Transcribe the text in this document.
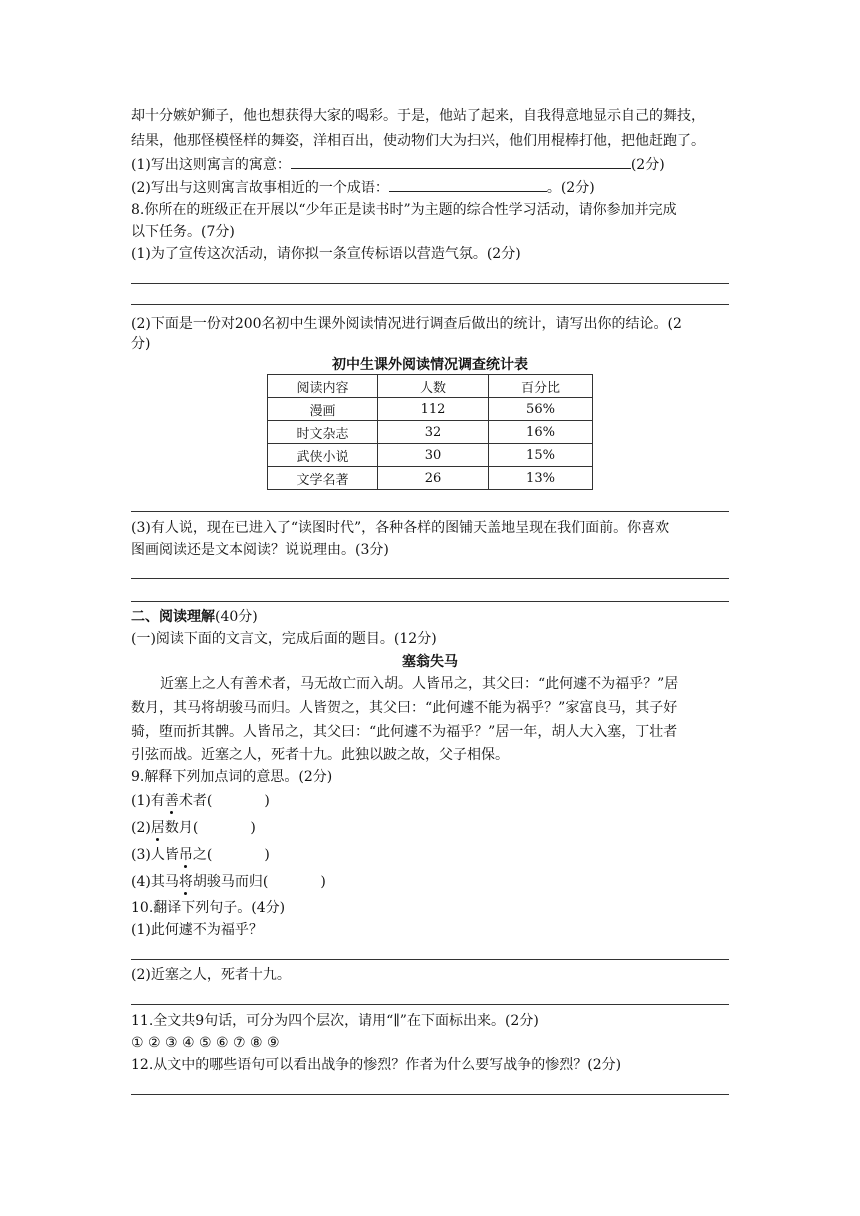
却十分嫉妒狮子，他也想获得大家的喝彩。于是，他站了起来，自我得意地显示自己的舞技，
结果，他那怪模怪样的舞姿，洋相百出，使动物们大为扫兴，他们用棍棒打他，把他赶跑了。
(1)写出这则寓言的寓意：	(2分)
(2)写出与这则寓言故事相近的一个成语：	。(2分)
8.你所在的班级正在开展以“少年正是读书时”为主题的综合性学习活动，请你参加并完成
以下任务。(7分)
(1)为了宣传这次活动，请你拟一条宣传标语以营造气氛。(2分)
(2)下面是一份对200名初中生课外阅读情况进行调查后做出的统计，请写出你的结论。(2
分)
初中生课外阅读情况调查统计表
阅读内容	人数	百分比
漫画	112	56%
时文杂志	32	16%
武侠小说	30	15%
文学名著	26	13%
(3)有人说，现在已进入了“读图时代”，各种各样的图铺天盖地呈现在我们面前。你喜欢
图画阅读还是文本阅读？说说理由。(3分)
二、阅读理解(40分)
(一)阅读下面的文言文，完成后面的题目。(12分)
塞翁失马
近塞上之人有善术者，马无故亡而入胡。人皆吊之，其父曰：“此何遽不为福乎？”居
数月，其马将胡骏马而归。人皆贺之，其父曰：“此何遽不能为祸乎？”家富良马，其子好
骑，堕而折其髀。人皆吊之，其父曰：“此何遽不为福乎？”居一年，胡人大入塞，丁壮者
引弦而战。近塞之人，死者十九。此独以跛之故，父子相保。
9.解释下列加点词的意思。(2分)
(1)有善术者(	)
(2)居数月(	)
(3)人皆吊之(	)
(4)其马将胡骏马而归(	)
10.翻译下列句子。(4分)
(1)此何遽不为福乎？
(2)近塞之人，死者十九。
11.全文共9句话，可分为四个层次，请用“∥”在下面标出来。(2分)
① ② ③ ④ ⑤ ⑥ ⑦ ⑧ ⑨
12.从文中的哪些语句可以看出战争的惨烈？作者为什么要写战争的惨烈？(2分)
